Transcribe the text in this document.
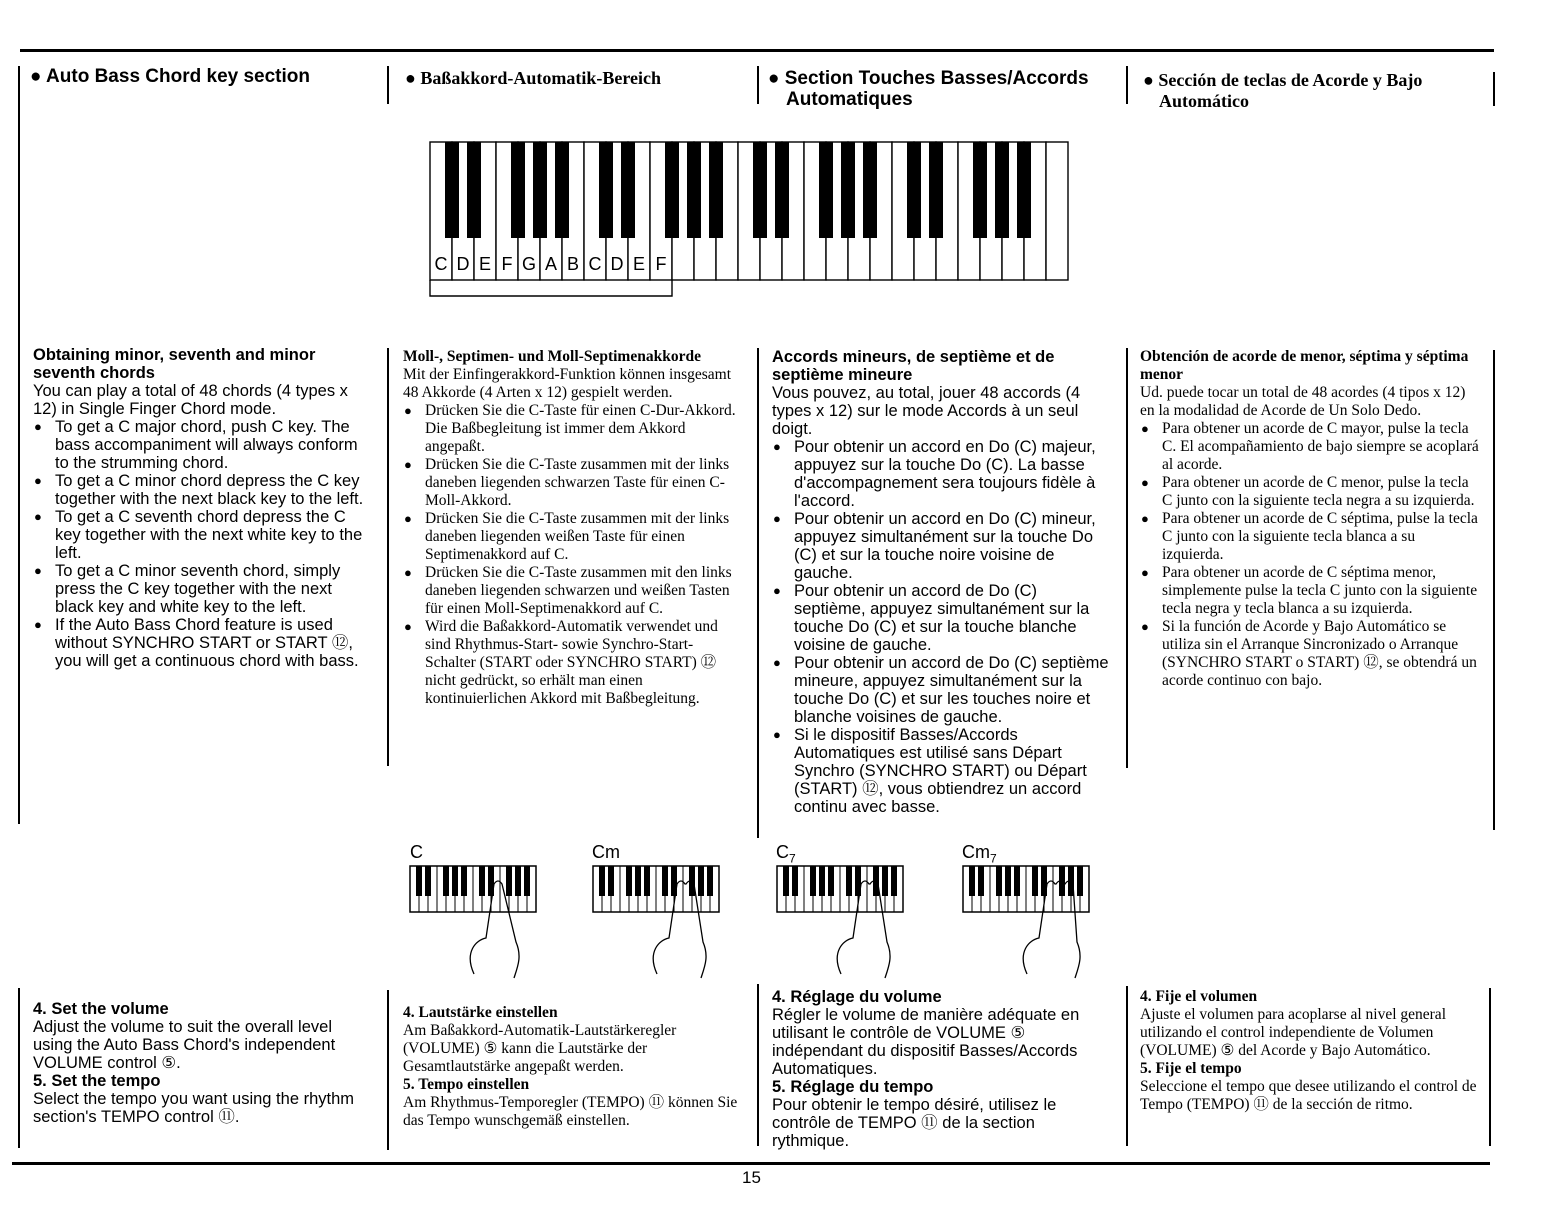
● Auto Bass Chord key section	● Baßakkord-Automatik-Bereich	● Section Touches Basses/Accords Automatiques
● Sección de teclas de Acorde y Bajo Automático
C D E F G A B C D E F
C	Cm	$C_7$	$Cm_7$

Obtaining minor, seventh and minor seventh chords

You can play a total of 48 chords (4 types x 12) in Single Finger Chord mode.

● To get a C major chord, push C key. The bass accompaniment will always conform to the strumming chord.
● To get a C minor chord depress the C key together with the next black key to the left.
● To get a C seventh chord depress the C key together with the next white key to the left.
● To get a C minor seventh chord, simply press the C key together with the next black key and white key to the left.
● If the Auto Bass Chord feature is used without SYNCHRO START or START ⑫, you will get a continuous chord with bass.

4. Set the volume

Adjust the volume to suit the overall level using the Auto Bass Chord's independent VOLUME control ⑤.

5. Set the tempo

Select the tempo you want using the rhythm section's TEMPO control ⑪.

Moll-, Septimen- und Moll-Septimenakkorde

Mit der Einfingerakkord-Funktion können insgesamt 48 Akkorde (4 Arten x 12) gespielt werden.

● Drücken Sie die C-Taste für einen C-Dur-Akkord. Die Baßbegleitung ist immer dem Akkord angepaßt.
● Drücken Sie die C-Taste zusammen mit der links daneben liegenden schwarzen Taste für einen C-Moll-Akkord.
● Drücken Sie die C-Taste zusammen mit der links daneben liegenden weißen Taste für einen Septimenakkord auf C.
● Drücken Sie die C-Taste zusammen mit den links daneben liegenden schwarzen und weißen Tasten für einen Moll-Septimenakkord auf C.
● Wird die Baßakkord-Automatik verwendet und sind Rhythmus-Start- sowie Synchro-Start-Schalter (START oder SYNCHRO START) ⑫ nicht gedrückt, so erhält man einen kontinuierlichen Akkord mit Baßbegleitung.

4. Lautstärke einstellen

Am Baßakkord-Automatik-Lautstärkeregler (VOLUME) ⑤ kann die Lautstärke der Gesamtlautstärke angepaßt werden.

5. Tempo einstellen

Am Rhythmus-Temporegler (TEMPO) ⑪ können Sie das Tempo wunschgemäß einstellen.

Accords mineurs, de septième et de septième mineure

Vous pouvez, au total, jouer 48 accords (4 types x 12) sur le mode Accords à un seul doigt.

● Pour obtenir un accord en Do (C) majeur, appuyez sur la touche Do (C). La basse d'accompagnement sera toujours fidèle à l'accord.
● Pour obtenir un accord en Do (C) mineur, appuyez simultanément sur la touche Do (C) et sur la touche noire voisine de gauche.
● Pour obtenir un accord de Do (C) septième, appuyez simultanément sur la touche Do (C) et sur la touche blanche voisine de gauche.
● Pour obtenir un accord de Do (C) septième mineure, appuyez simultanément sur la touche Do (C) et sur les touches noire et blanche voisines de gauche.
● Si le dispositif Basses/Accords Automatiques est utilisé sans Départ Synchro (SYNCHRO START) ou Départ (START) ⑫, vous obtiendrez un accord continu avec basse.

4. Réglage du volume

Régler le volume de manière adéquate en utilisant le contrôle de VOLUME ⑤ indépendant du dispositif Basses/Accords Automatiques.

5. Réglage du tempo

Pour obtenir le tempo désiré, utilisez le contrôle de TEMPO ⑪ de la section rythmique.

Obtención de acorde de menor, séptima y séptima menor

Ud. puede tocar un total de 48 acordes (4 tipos x 12) en la modalidad de Acorde de Un Solo Dedo.

● Para obtener un acorde de C mayor, pulse la tecla C. El acompañamiento de bajo siempre se acoplará al acorde.
● Para obtener un acorde de C menor, pulse la tecla C junto con la siguiente tecla negra a su izquierda.
● Para obtener un acorde de C séptima, pulse la tecla C junto con la siguiente tecla blanca a su izquierda.
● Para obtener un acorde de C séptima menor, simplemente pulse la tecla C junto con la siguiente tecla negra y tecla blanca a su izquierda.
● Si la función de Acorde y Bajo Automático se utiliza sin el Arranque Sincronizado o Arranque (SYNCHRO START o START) ⑫, se obtendrá un acorde continuo con bajo.

4. Fije el volumen

Ajuste el volumen para acoplarse al nivel general utilizando el control independiente de Volumen (VOLUME) ⑤ del Acorde y Bajo Automático.

5. Fije el tempo

Seleccione el tempo que desee utilizando el control de Tempo (TEMPO) ⑪ de la sección de ritmo.

15
